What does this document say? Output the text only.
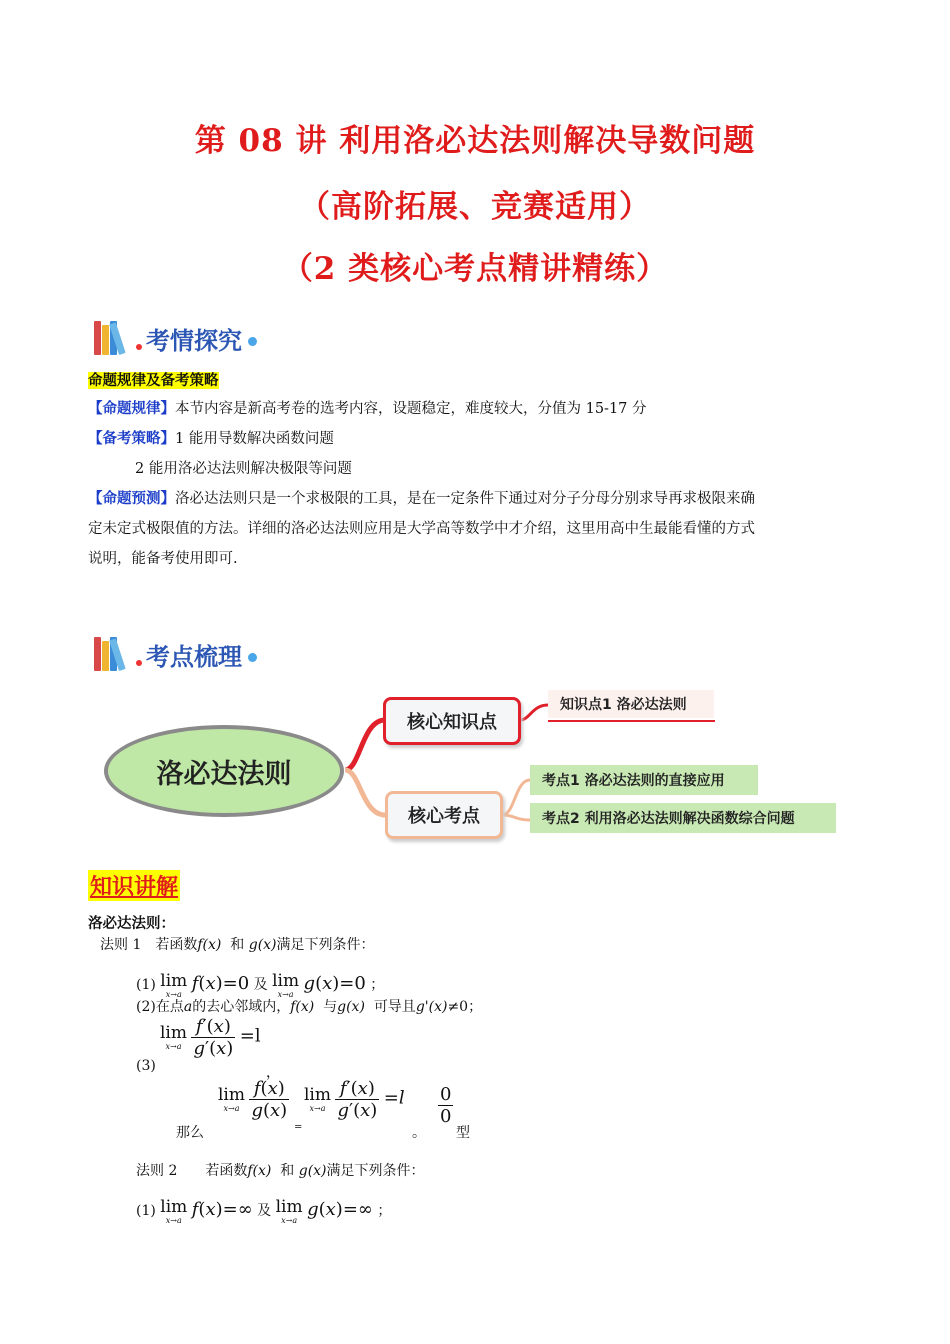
第 08 讲 利用洛必达法则解决导数问题
（高阶拓展、竞赛适用）
（2 类核心考点精讲精练）
考情探究
命题规律及备考策略
【命题规律】本节内容是新高考卷的选考内容，设题稳定，难度较大，分值为 15-17 分
【备考策略】1 能用导数解决函数问题
2 能用洛必达法则解决极限等问题
【命题预测】洛必达法则只是一个求极限的工具，是在一定条件下通过对分子分母分别求导再求极限来确
定未定式极限值的方法。详细的洛必达法则应用是大学高等数学中才介绍，这里用高中生最能看懂的方式
说明，能备考使用即可.
考点梳理
洛必达法则
核心知识点
核心考点
知识点1 洛必达法则
考点1 洛必达法则的直接应用
考点2 利用洛必达法则解决函数综合问题
知识讲解
洛必达法则：
法则 1　若函数f(x) 和 g(x)满足下列条件：
(1) lim
x→a f(x)=0 及 lim
x→a g(x)=0 ；
(2)在点a的去心邻域内，f(x) 与g(x) 可导且g'(x)≠0；
(3)
lim
x→a
$\frac{f'(x)}{g'(x)} =l$
，
那么
lim
x→a
$\frac{f(x)}{g(x)}$
=
lim
x→a
$\frac{f'(x)}{g'(x)} =l$
。
$\frac{0}{0}$
型
法则 2　　若函数f(x) 和 g(x)满足下列条件：
(1) lim
x→a f(x)=∞ 及 lim
x→a g(x)=∞ ；
